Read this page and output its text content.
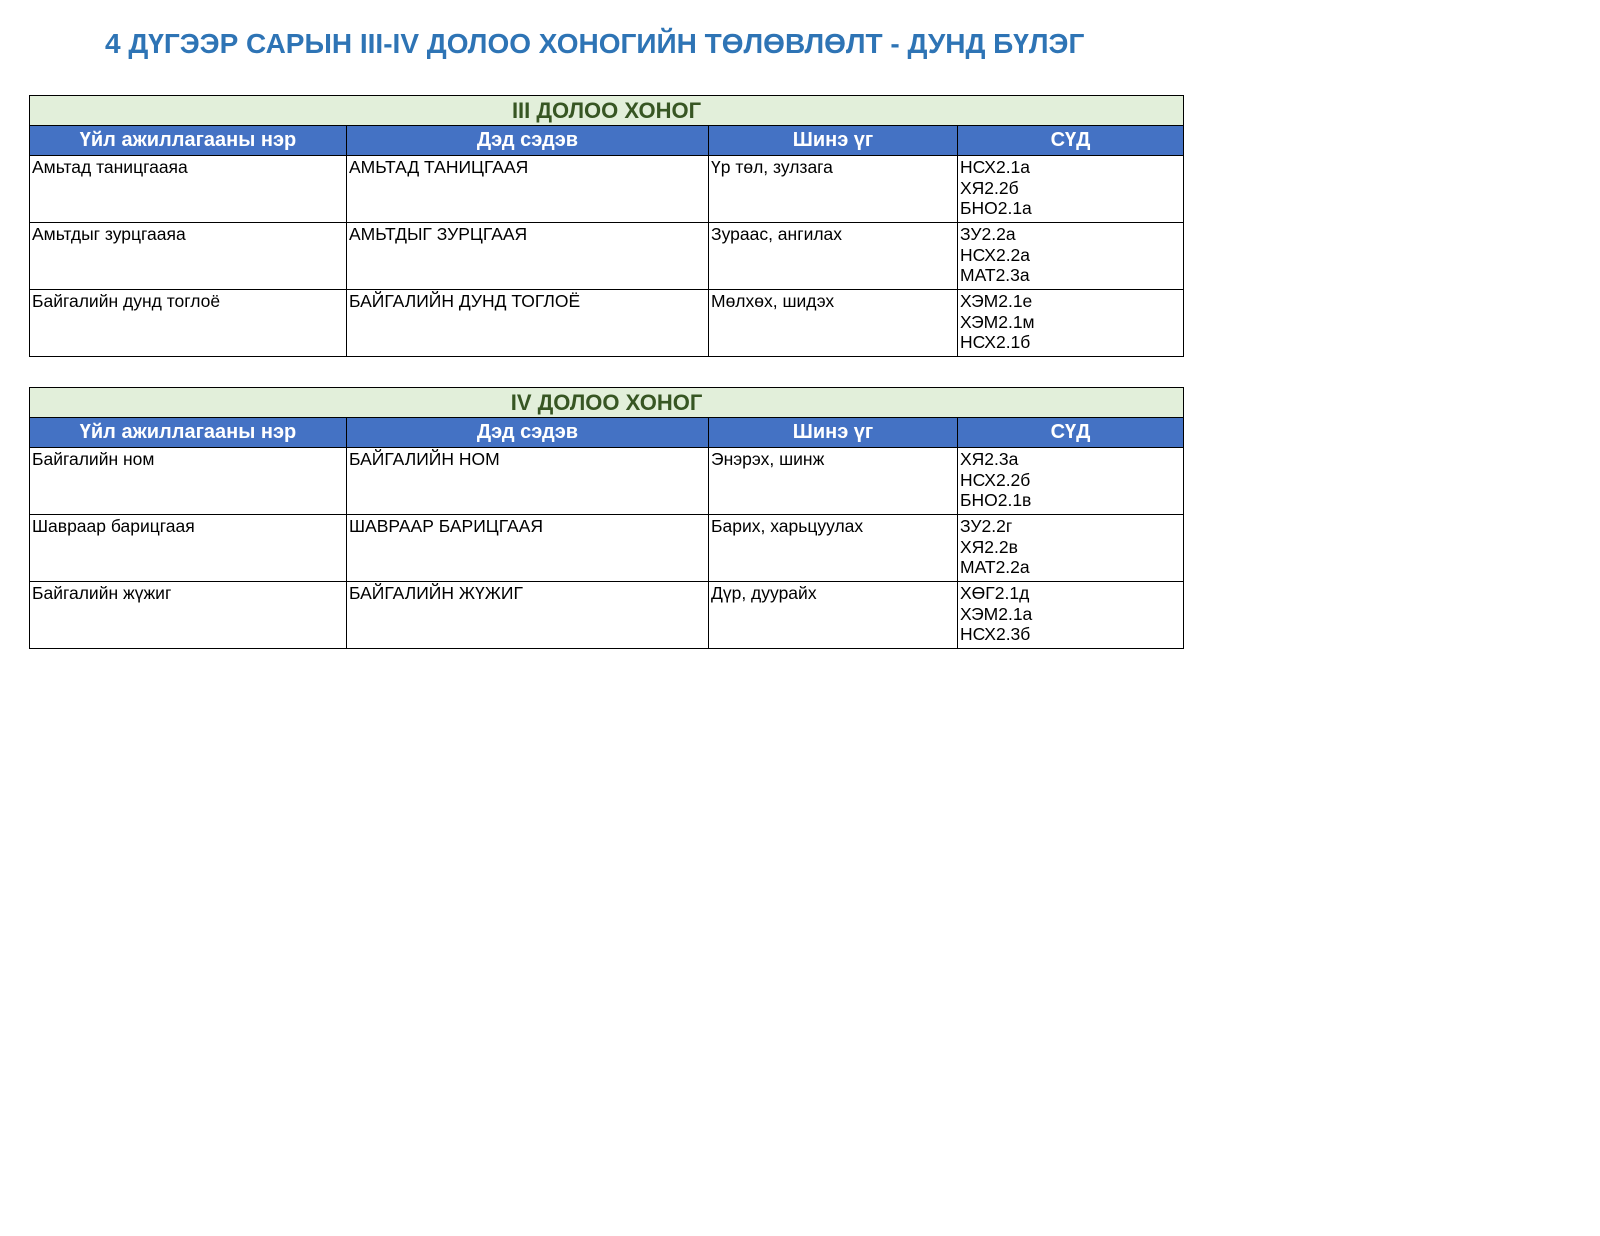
4 ДҮГЭЭР САРЫН III-IV ДОЛОО ХОНОГИЙН ТӨЛӨВЛӨЛТ - ДУНД БҮЛЭГ
III ДОЛОО ХОНОГ			
Үйл ажиллагааны нэр	Дэд сэдэв	Шинэ үг	СҮД
Амьтад таницгааяа	АМЬТАД ТАНИЦГААЯ	Үр төл, зулзага	НСХ2.1а
ХЯ2.2б
БНО2.1а

Амьтдыг зурцгааяа	АМЬТДЫГ ЗУРЦГААЯ	Зураас, ангилах	ЗУ2.2а
НСХ2.2а
МАТ2.3а

Байгалийн дунд тоглоё	БАЙГАЛИЙН ДУНД ТОГЛОЁ	Мөлхөх, шидэх	ХЭМ2.1е
ХЭМ2.1м
НСХ2.1б
IV ДОЛОО ХОНОГ			
Үйл ажиллагааны нэр	Дэд сэдэв	Шинэ үг	СҮД
Байгалийн ном	БАЙГАЛИЙН НОМ	Энэрэх, шинж	ХЯ2.3а
НСХ2.2б
БНО2.1в

Шавраар барицгаая	ШАВРААР БАРИЦГААЯ	Барих, харьцуулах	ЗУ2.2г
ХЯ2.2в
МАТ2.2а

Байгалийн жүжиг	БАЙГАЛИЙН ЖҮЖИГ	Дүр, дуурайх	ХӨГ2.1д
ХЭМ2.1а
НСХ2.3б
